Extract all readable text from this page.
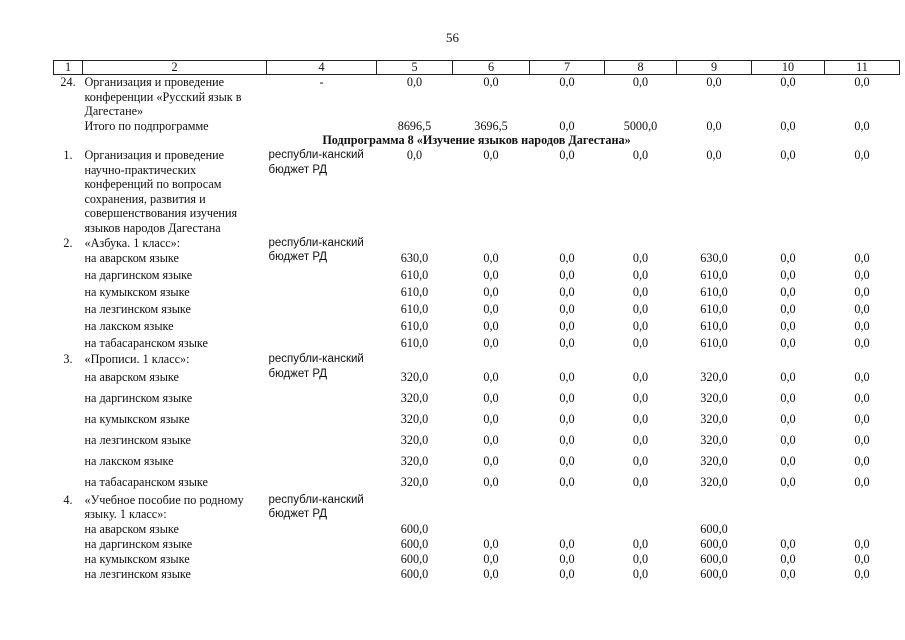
56
1	2	4	5	6	7	8	9	10	11
24.	Организация и проведение конференции «Русский язык в Дагестане»	-	0,0	0,0	0,0	0,0	0,0	0,0	0,0
	Итого по подпрограмме		8696,5	3696,5	0,0	5000,0	0,0	0,0	0,0
Подпрограмма 8 «Изучение языков народов Дагестана»									
1.	Организация и проведение научно-практических конференций по вопросам сохранения, развития и совершенствования изучения языков народов Дагестана	республи-канский бюджет РД	0,0	0,0	0,0	0,0	0,0	0,0	0,0
2.	«Азбука. 1 класс»:	республи-канский бюджет РД							
	на аварском языке		630,0	0,0	0,0	0,0	630,0	0,0	0,0
	на даргинском языке		610,0	0,0	0,0	0,0	610,0	0,0	0,0
	на кумыкском языке		610,0	0,0	0,0	0,0	610,0	0,0	0,0
	на лезгинском языке		610,0	0,0	0,0	0,0	610,0	0,0	0,0
	на лакском языке		610,0	0,0	0,0	0,0	610,0	0,0	0,0
	на табасаранском языке		610,0	0,0	0,0	0,0	610,0	0,0	0,0
3.	«Прописи. 1 класс»:	республи-канский бюджет РД							
	на аварском языке		320,0	0,0	0,0	0,0	320,0	0,0	0,0
	на даргинском языке		320,0	0,0	0,0	0,0	320,0	0,0	0,0
	на кумыкском языке		320,0	0,0	0,0	0,0	320,0	0,0	0,0
	на лезгинском языке		320,0	0,0	0,0	0,0	320,0	0,0	0,0
	на лакском языке		320,0	0,0	0,0	0,0	320,0	0,0	0,0
	на табасаранском языке		320,0	0,0	0,0	0,0	320,0	0,0	0,0
4.	«Учебное пособие по родному языку. 1 класс»:	республи-канский бюджет РД							
	на аварском языке		600,0				600,0		
	на даргинском языке		600,0	0,0	0,0	0,0	600,0	0,0	0,0
	на кумыкском языке		600,0	0,0	0,0	0,0	600,0	0,0	0,0
	на лезгинском языке		600,0	0,0	0,0	0,0	600,0	0,0	0,0
